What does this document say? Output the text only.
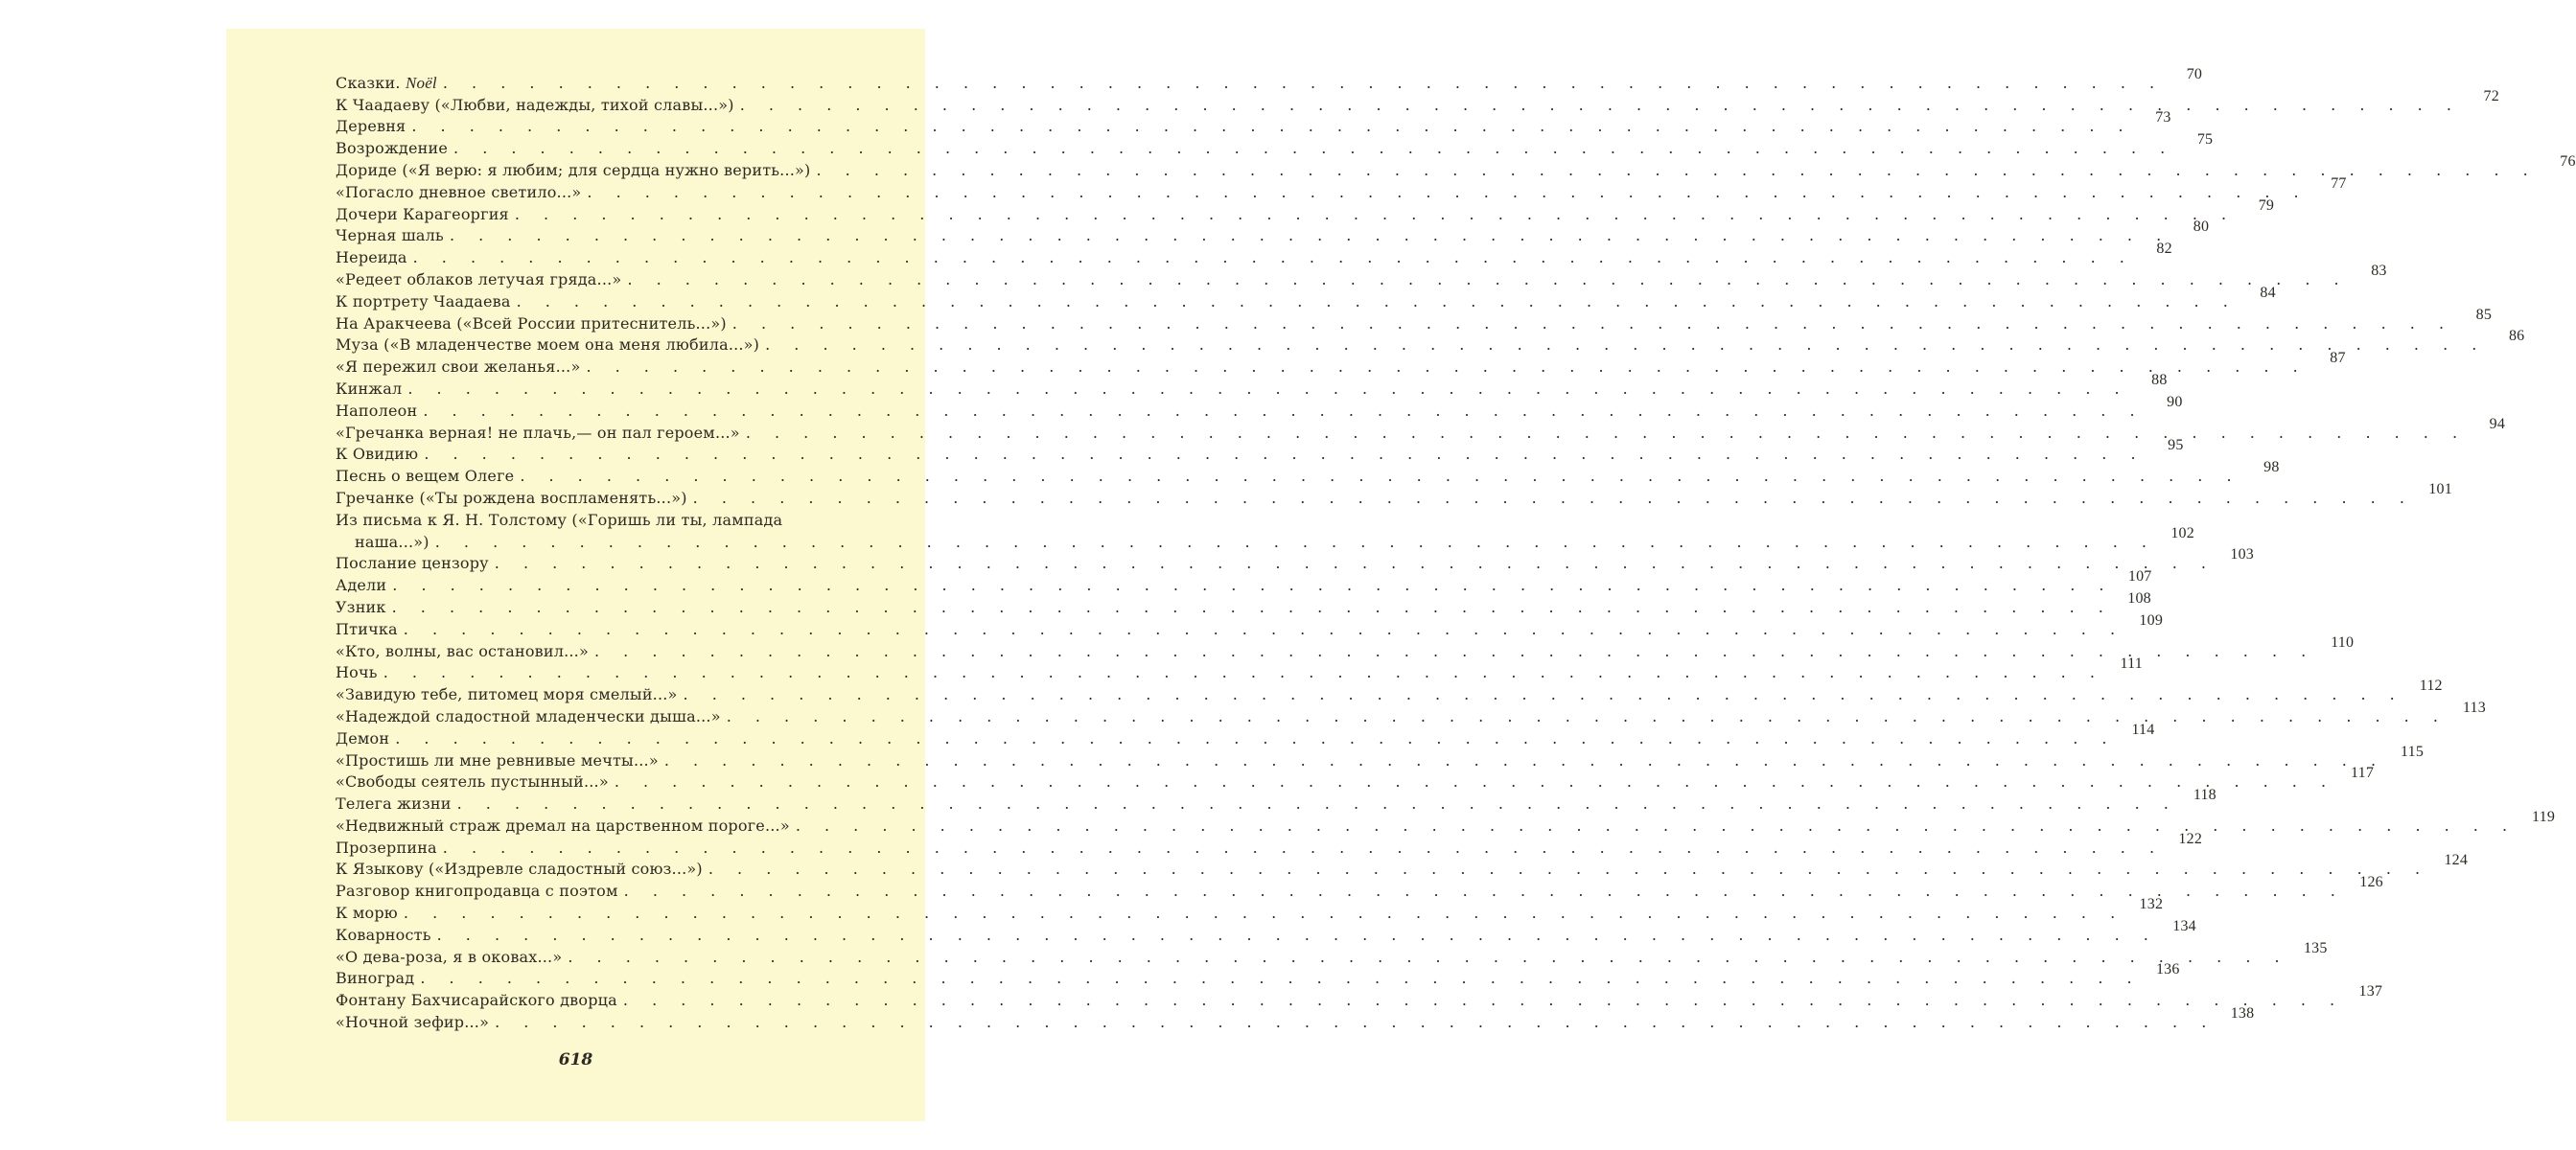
Сказки. Noёl . . . . . . . . . . . . . . . . . . . . . . . . . . . . . . . . . . . . . . . . . . . . . . . . . . . . . . . . . . . .	70
К Чаадаеву («Любви, надежды, тихой славы...») . . . . . . . . . . . . . . . . . . . . . . . . . . . . . . . . . . . . . . . . . . . . . . . . . . . . . . . . . . . .	72
Деревня . . . . . . . . . . . . . . . . . . . . . . . . . . . . . . . . . . . . . . . . . . . . . . . . . . . . . . . . . . . .	73
Возрождение . . . . . . . . . . . . . . . . . . . . . . . . . . . . . . . . . . . . . . . . . . . . . . . . . . . . . . . . . . . .	75
Дориде («Я верю: я любим; для сердца нужно верить...») . . . . . . . . . . . . . . . . . . . . . . . . . . . . . . . . . . . . . . . . . . . . . . . . . . . . . . . . . . . .	76
«Погасло дневное светило...» . . . . . . . . . . . . . . . . . . . . . . . . . . . . . . . . . . . . . . . . . . . . . . . . . . . . . . . . . . . .	77
Дочери Карагеоргия . . . . . . . . . . . . . . . . . . . . . . . . . . . . . . . . . . . . . . . . . . . . . . . . . . . . . . . . . . . .	79
Черная шаль . . . . . . . . . . . . . . . . . . . . . . . . . . . . . . . . . . . . . . . . . . . . . . . . . . . . . . . . . . . .	80
Нереида . . . . . . . . . . . . . . . . . . . . . . . . . . . . . . . . . . . . . . . . . . . . . . . . . . . . . . . . . . . .	82
«Редеет облаков летучая гряда...» . . . . . . . . . . . . . . . . . . . . . . . . . . . . . . . . . . . . . . . . . . . . . . . . . . . . . . . . . . . .	83
К портрету Чаадаева . . . . . . . . . . . . . . . . . . . . . . . . . . . . . . . . . . . . . . . . . . . . . . . . . . . . . . . . . . . .	84
На Аракчеева («Всей России притеснитель...») . . . . . . . . . . . . . . . . . . . . . . . . . . . . . . . . . . . . . . . . . . . . . . . . . . . . . . . . . . . .	85
Муза («В младенчестве моем она меня любила...») . . . . . . . . . . . . . . . . . . . . . . . . . . . . . . . . . . . . . . . . . . . . . . . . . . . . . . . . . . . .	86
«Я пережил свои желанья...» . . . . . . . . . . . . . . . . . . . . . . . . . . . . . . . . . . . . . . . . . . . . . . . . . . . . . . . . . . . .	87
Кинжал . . . . . . . . . . . . . . . . . . . . . . . . . . . . . . . . . . . . . . . . . . . . . . . . . . . . . . . . . . . .	88
Наполеон . . . . . . . . . . . . . . . . . . . . . . . . . . . . . . . . . . . . . . . . . . . . . . . . . . . . . . . . . . . .	90
«Гречанка верная! не плачь,— он пал героем...» . . . . . . . . . . . . . . . . . . . . . . . . . . . . . . . . . . . . . . . . . . . . . . . . . . . . . . . . . . . .	94
К Овидию . . . . . . . . . . . . . . . . . . . . . . . . . . . . . . . . . . . . . . . . . . . . . . . . . . . . . . . . . . . .	95
Песнь о вещем Олеге . . . . . . . . . . . . . . . . . . . . . . . . . . . . . . . . . . . . . . . . . . . . . . . . . . . . . . . . . . . .	98
Гречанке («Ты рождена воспламенять...») . . . . . . . . . . . . . . . . . . . . . . . . . . . . . . . . . . . . . . . . . . . . . . . . . . . . . . . . . . . . 101
Из письма к Я. Н. Толстому («Горишь ли ты, лампада
наша...») . . . . . . . . . . . . . . . . . . . . . . . . . . . . . . . . . . . . . . . . . . . . . . . . . . . . . . . . . . . . 102
Послание цензору . . . . . . . . . . . . . . . . . . . . . . . . . . . . . . . . . . . . . . . . . . . . . . . . . . . . . . . . . . . . 103
Адели . . . . . . . . . . . . . . . . . . . . . . . . . . . . . . . . . . . . . . . . . . . . . . . . . . . . . . . . . . . . 107
Узник . . . . . . . . . . . . . . . . . . . . . . . . . . . . . . . . . . . . . . . . . . . . . . . . . . . . . . . . . . . . 108
Птичка . . . . . . . . . . . . . . . . . . . . . . . . . . . . . . . . . . . . . . . . . . . . . . . . . . . . . . . . . . . . 109
«Кто, волны, вас остановил...» . . . . . . . . . . . . . . . . . . . . . . . . . . . . . . . . . . . . . . . . . . . . . . . . . . . . . . . . . . . . 110
Ночь . . . . . . . . . . . . . . . . . . . . . . . . . . . . . . . . . . . . . . . . . . . . . . . . . . . . . . . . . . . .	111
«Завидую тебе, питомец моря смелый...» . . . . . . . . . . . . . . . . . . . . . . . . . . . . . . . . . . . . . . . . . . . . . . . . . . . . . . . . . . . . 112
«Надеждой сладостной младенчески дыша...» . . . . . . . . . . . . . . . . . . . . . . . . . . . . . . . . . . . . . . . . . . . . . . . . . . . . . . . . . . . . 113
Демон . . . . . . . . . . . . . . . . . . . . . . . . . . . . . . . . . . . . . . . . . . . . . . . . . . . . . . . . . . . . 114
«Простишь ли мне ревнивые мечты...» . . . . . . . . . . . . . . . . . . . . . . . . . . . . . . . . . . . . . . . . . . . . . . . . . . . . . . . . . . . . 115
«Свободы сеятель пустынный...» . . . . . . . . . . . . . . . . . . . . . . . . . . . . . . . . . . . . . . . . . . . . . . . . . . . . . . . . . . . . 117
Телега жизни . . . . . . . . . . . . . . . . . . . . . . . . . . . . . . . . . . . . . . . . . . . . . . . . . . . . . . . . . . . . 118
«Недвижный страж дремал на царственном пороге...» . . . . . . . . . . . . . . . . . . . . . . . . . . . . . . . . . . . . . . . . . . . . . . . . . . . . . . . . . . . . 119
Прозерпина . . . . . . . . . . . . . . . . . . . . . . . . . . . . . . . . . . . . . . . . . . . . . . . . . . . . . . . . . . . . 122
К Языкову («Издревле сладостный союз...») . . . . . . . . . . . . . . . . . . . . . . . . . . . . . . . . . . . . . . . . . . . . . . . . . . . . . . . . . . . . 124
Разговор книгопродавца с поэтом . . . . . . . . . . . . . . . . . . . . . . . . . . . . . . . . . . . . . . . . . . . . . . . . . . . . . . . . . . . . 126
К морю . . . . . . . . . . . . . . . . . . . . . . . . . . . . . . . . . . . . . . . . . . . . . . . . . . . . . . . . . . . . 132
Коварность . . . . . . . . . . . . . . . . . . . . . . . . . . . . . . . . . . . . . . . . . . . . . . . . . . . . . . . . . . . . 134
«О дева-роза, я в оковах...» . . . . . . . . . . . . . . . . . . . . . . . . . . . . . . . . . . . . . . . . . . . . . . . . . . . . . . . . . . . . 135
Виноград . . . . . . . . . . . . . . . . . . . . . . . . . . . . . . . . . . . . . . . . . . . . . . . . . . . . . . . . . . . . 136
Фонтану Бахчисарайского дворца . . . . . . . . . . . . . . . . . . . . . . . . . . . . . . . . . . . . . . . . . . . . . . . . . . . . . . . . . . . . 137
«Ночной зефир...» . . . . . . . . . . . . . . . . . . . . . . . . . . . . . . . . . . . . . . . . . . . . . . . . . . . . . . . . . . . . 138
618
